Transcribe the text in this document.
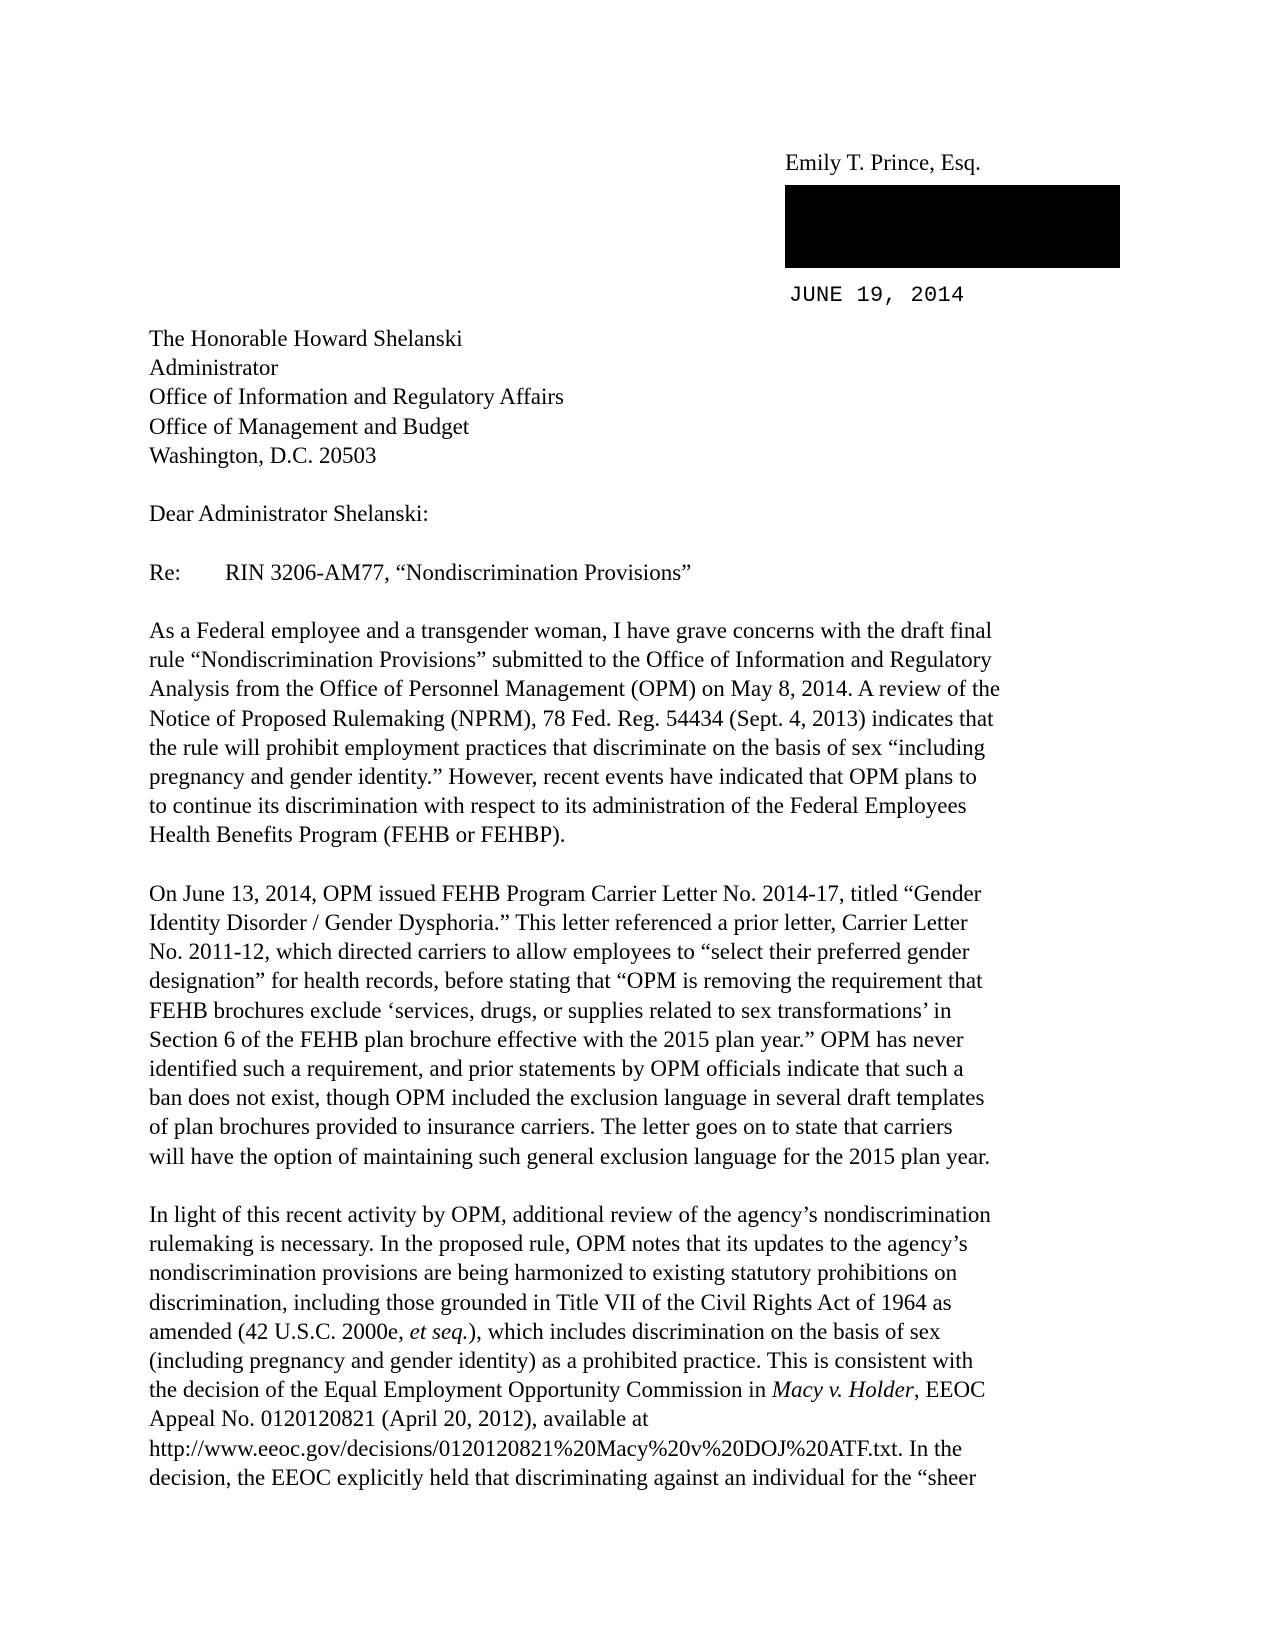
Emily T. Prince, Esq.
JUNE 19, 2014
The Honorable Howard Shelanski
Administrator
Office of Information and Regulatory Affairs
Office of Management and Budget
Washington, D.C. 20503
Dear Administrator Shelanski:
Re: RIN 3206-AM77, “Nondiscrimination Provisions”
As a Federal employee and a transgender woman, I have grave concerns with the draft final
rule “Nondiscrimination Provisions” submitted to the Office of Information and Regulatory
Analysis from the Office of Personnel Management (OPM) on May 8, 2014. A review of the
Notice of Proposed Rulemaking (NPRM), 78 Fed. Reg. 54434 (Sept. 4, 2013) indicates that
the rule will prohibit employment practices that discriminate on the basis of sex “including
pregnancy and gender identity.” However, recent events have indicated that OPM plans to
to continue its discrimination with respect to its administration of the Federal Employees
Health Benefits Program (FEHB or FEHBP).
On June 13, 2014, OPM issued FEHB Program Carrier Letter No. 2014-17, titled “Gender
Identity Disorder / Gender Dysphoria.” This letter referenced a prior letter, Carrier Letter
No. 2011-12, which directed carriers to allow employees to “select their preferred gender
designation” for health records, before stating that “OPM is removing the requirement that
FEHB brochures exclude ‘services, drugs, or supplies related to sex transformations’ in
Section 6 of the FEHB plan brochure effective with the 2015 plan year.” OPM has never
identified such a requirement, and prior statements by OPM officials indicate that such a
ban does not exist, though OPM included the exclusion language in several draft templates
of plan brochures provided to insurance carriers. The letter goes on to state that carriers
will have the option of maintaining such general exclusion language for the 2015 plan year.
In light of this recent activity by OPM, additional review of the agency’s nondiscrimination
rulemaking is necessary. In the proposed rule, OPM notes that its updates to the agency’s
nondiscrimination provisions are being harmonized to existing statutory prohibitions on
discrimination, including those grounded in Title VII of the Civil Rights Act of 1964 as
amended (42 U.S.C. 2000e, et seq.), which includes discrimination on the basis of sex
(including pregnancy and gender identity) as a prohibited practice. This is consistent with
the decision of the Equal Employment Opportunity Commission in Macy v. Holder, EEOC
Appeal No. 0120120821 (April 20, 2012), available at
http://www.eeoc.gov/decisions/0120120821%20Macy%20v%20DOJ%20ATF.txt. In the
decision, the EEOC explicitly held that discriminating against an individual for the “sheer
